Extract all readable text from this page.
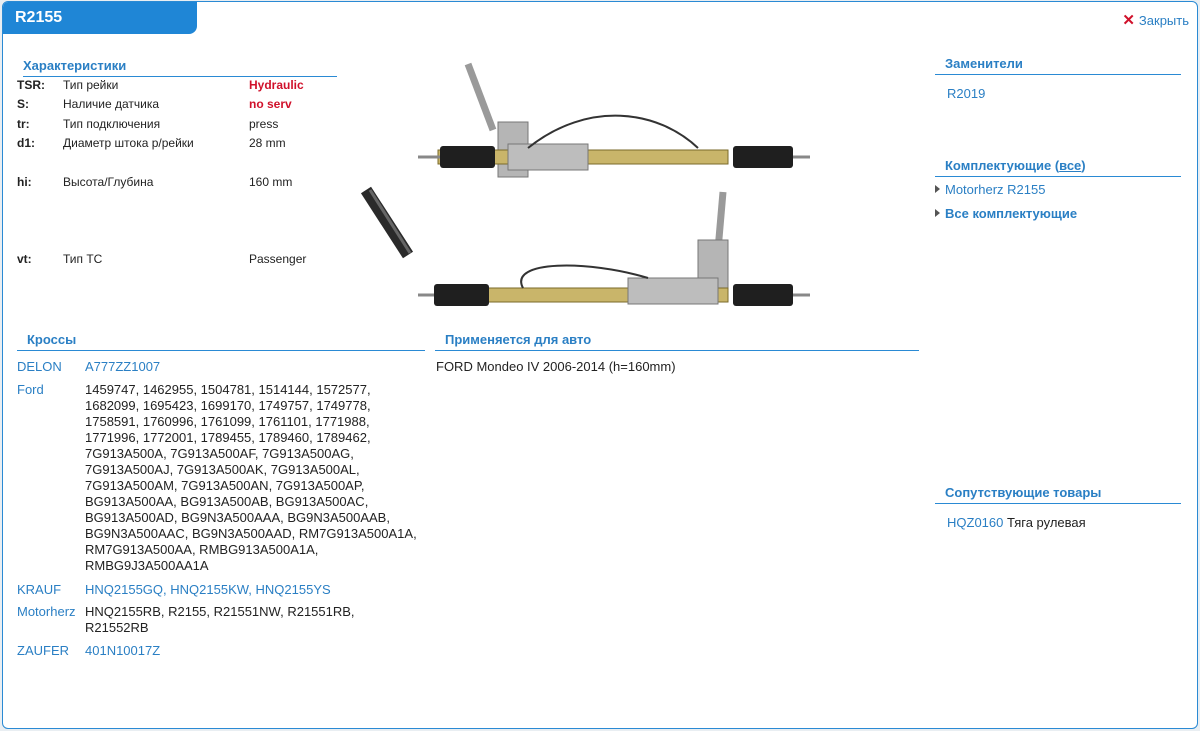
R2155	✕ Закрыть
Характеристики
TSR:	Тип рейки	Hydraulic
S:	Наличие датчика	no serv
tr:	Тип подключения	press
d1:	Диаметр штока р/рейки	28 mm
hi:	Высота/Глубина	160 mm
vt:	Тип ТС	Passenger
Кроссы
DELON	A777ZZ1007
Ford	1459747, 1462955, 1504781, 1514144, 1572577, 1682099, 1695423, 1699170, 1749757, 1749778, 1758591, 1760996, 1761099, 1761101, 1771988, 1771996, 1772001, 1789455, 1789460, 1789462, 7G913A500A, 7G913A500AF, 7G913A500AG, 7G913A500AJ, 7G913A500AK, 7G913A500AL, 7G913A500AM, 7G913A500AN, 7G913A500AP, BG913A500AA, BG913A500AB, BG913A500AC, BG913A500AD, BG9N3A500AAA, BG9N3A500AAB, BG9N3A500AAC, BG9N3A500AAD, RM7G913A500A1A, RM7G913A500AA, RMBG913A500A1A, RMBG9J3A500AA1A
KRAUF	HNQ2155GQ, HNQ2155KW, HNQ2155YS
Motorherz HNQ2155RB, R2155, R21551NW, R21551RB, R21552RB
ZAUFER	401N10017Z
Применяется для авто
FORD Mondeo IV 2006-2014 (h=160mm)
Заменители
R2019
Комплектующие (все)
Motorherz R2155
Все комплектующие
Сопутствующие товары
HQZ0160 Тяга рулевая
